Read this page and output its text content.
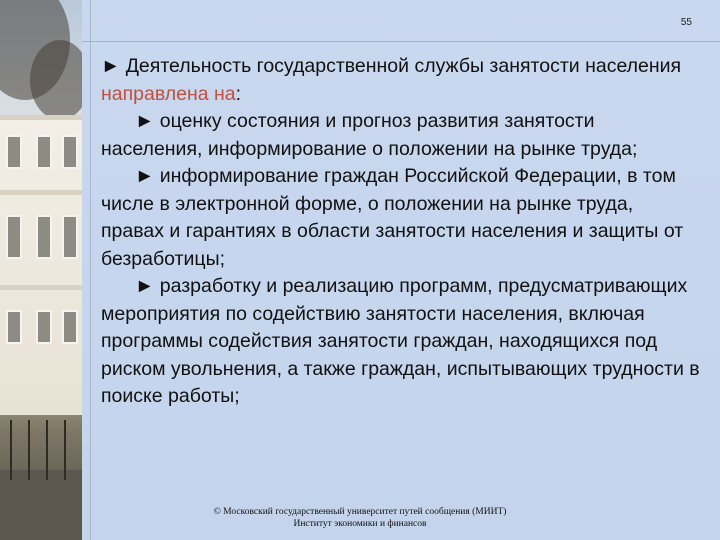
55

► Деятельность государственной службы занятости населения направлена на:

► оценку состояния и прогноз развития занятости населения, информирование о положении на рынке труда;

► информирование граждан Российской Федерации, в том числе в электронной форме, о положении на рынке труда, правах и гарантиях в области занятости населения и защиты от безработицы;

► разработку и реализацию программ, предусматривающих мероприятия по содействию занятости населения, включая программы содействия занятости граждан, находящихся под риском увольнения, а также граждан, испытывающих трудности в поиске работы;

© Московский государственный университет путей сообщения (МИИТ)
Институт экономики и финансов
